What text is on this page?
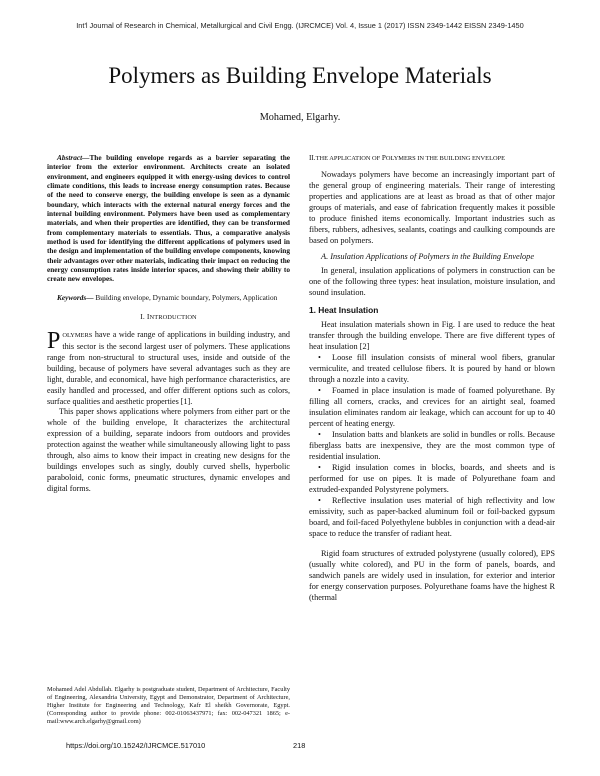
Int'l Journal of Research in Chemical, Metallurgical and Civil Engg. (IJRCMCE) Vol. 4, Issue 1 (2017) ISSN 2349-1442 EISSN 2349-1450
Polymers as Building Envelope Materials
Mohamed, Elgarhy.

Abstract—The building envelope regards as a barrier separating the interior from the exterior environment. Architects create an isolated environment, and engineers equipped it with energy-using devices to control climate conditions, this leads to increase energy consumption rates. Because of the need to conserve energy, the building envelope is seen as a dynamic boundary, which interacts with the external natural energy forces and the internal building environment. Polymers have been used as complementary materials, and when their properties are identified, they can be transformed from complementary materials to essentials. Thus, a comparative analysis method is used for identifying the different applications of polymers used in the design and implementation of the building envelope components, knowing their advantages over other materials, indicating their impact on reducing the energy consumption rates inside interior spaces, and showing their ability to create new envelopes.

Keywords— Building envelope, Dynamic boundary, Polymers, Application

I. INTRODUCTION

POLYMERS have a wide range of applications in building industry, and this sector is the second largest user of polymers. These applications range from non-structural to structural uses, inside and outside of the building, because of polymers have several advantages such as they are light, durable, and economical, have high performance characteristics, are easily handled and processed, and offer different options such as colors, surface qualities and aesthetic properties [1].

This paper shows applications where polymers from either part or the whole of the building envelope, It characterizes the architectural expression of a building, separate indoors from outdoors and provides protection against the weather while simultaneously allowing light to pass through, also aims to know their impact in creating new designs for the buildings envelopes such as singly, doubly curved shells, hyperbolic paraboloid, conic forms, pneumatic structures, dynamic envelopes and digital forms.

Mohamed Adel Abdullah. Elgarhy is postgraduate student, Department of Architecture, Faculty of Engineering, Alexandria University, Egypt and Demonstrator, Department of Architecture, Higher Institute for Engineering and Technology, Kafr El sheikh Governorate, Egypt. (Corresponding author to provide phone: 002-01063437971; fax: 002-047321 1865; e-mail:www.arch.elgarhy@gmail.com)
II.THE APPLICATION OF POLYMERS IN THE BUILDING ENVELOPE

Nowadays polymers have become an increasingly important part of the general group of engineering materials. Their range of interesting properties and applications are at least as broad as that of other major groups of materials, and ease of fabrication frequently makes it possible to produce finished items economically. Important industries such as fibers, rubbers, adhesives, sealants, coatings and caulking compounds are based on polymers.

A. Insulation Applications of Polymers in the Building Envelope

In general, insulation applications of polymers in construction can be one of the following three types: heat insulation, moisture insulation, and sound insulation.

1. Heat Insulation

Heat insulation materials shown in Fig. I are used to reduce the heat transfer through the building envelope. There are five different types of heat insulation [2]

• Loose fill insulation consists of mineral wool fibers, granular vermiculite, and treated cellulose fibers. It is poured by hand or blown through a nozzle into a cavity.

• Foamed in place insulation is made of foamed polyurethane. By filling all corners, cracks, and crevices for an airtight seal, foamed insulation eliminates random air leakage, which can account for up to 40 percent of heating energy.

• Insulation batts and blankets are solid in bundles or rolls. Because fiberglass batts are inexpensive, they are the most common type of residential insulation.

• Rigid insulation comes in blocks, boards, and sheets and is performed for use on pipes. It is made of Polyurethane foam and extruded-expanded Polystyrene polymers.

• Reflective insulation uses material of high reflectivity and low emissivity, such as paper-backed aluminum foil or foil-backed gypsum board, and foil-faced Polyethylene bubbles in conjunction with a dead-air space to reduce the transfer of radiant heat.

Rigid foam structures of extruded polystyrene (usually colored), EPS (usually white colored), and PU in the form of panels, boards, and sandwich panels are widely used in insulation, for exterior and interior for energy conservation purposes. Polyurethane foams have the highest R (thermal

https://doi.org/10.15242/IJRCMCE.517010	218
